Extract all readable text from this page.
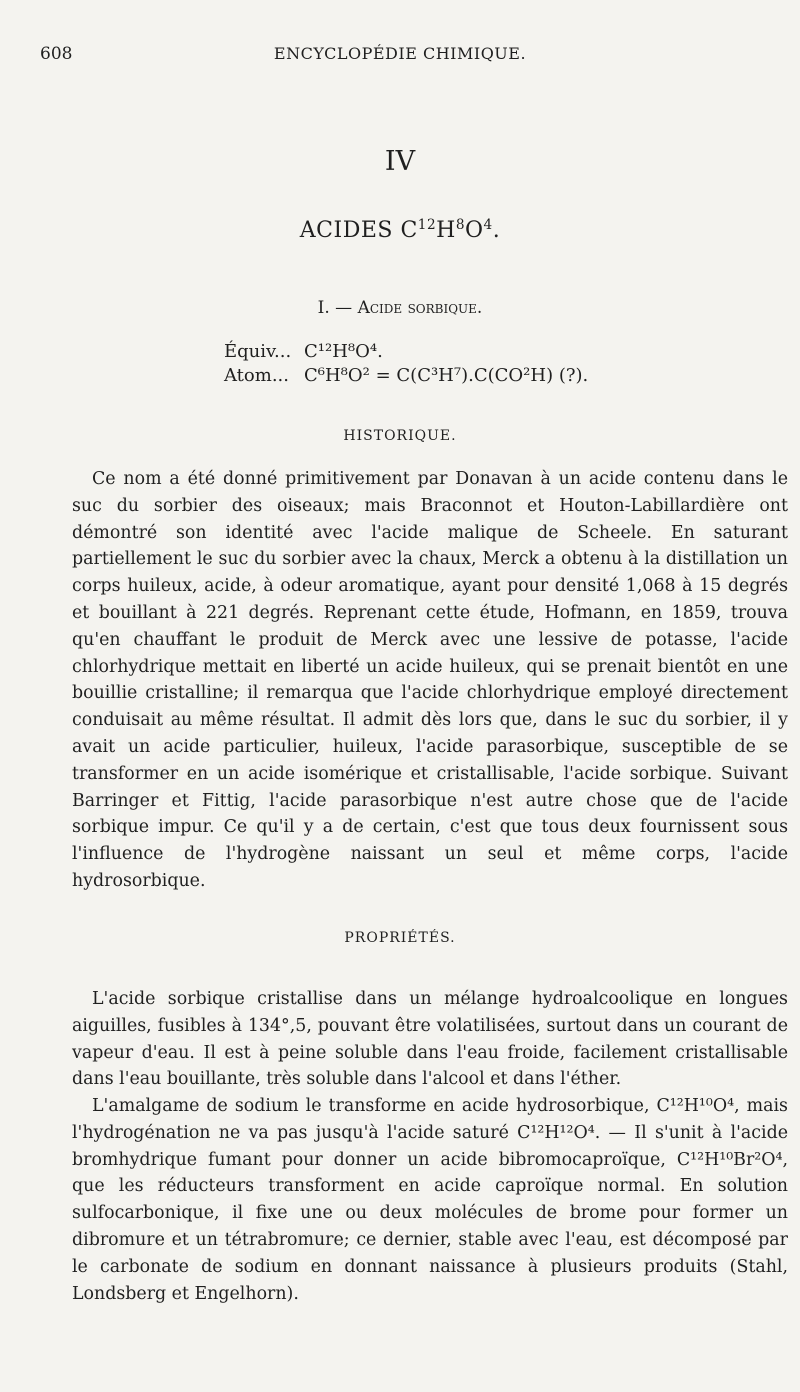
608	ENCYCLOPÉDIE CHIMIQUE.
IV
ACIDES $C^{12}H^8O^4$.
I. — Acide sorbique.
Équiv... C¹²H⁸O⁴.
Atom... C⁶H⁸O² = C(C³H⁷).C(CO²H) (?).
HISTORIQUE.

Ce nom a été donné primitivement par Donavan à un acide contenu dans le suc du sorbier des oiseaux; mais Braconnot et Houton-Labillardière ont démontré son identité avec l'acide malique de Scheele. En saturant partiellement le suc du sorbier avec la chaux, Merck a obtenu à la distillation un corps huileux, acide, à odeur aromatique, ayant pour densité 1,068 à 15 degrés et bouillant à 221 degrés. Reprenant cette étude, Hofmann, en 1859, trouva qu'en chauffant le produit de Merck avec une lessive de potasse, l'acide chlorhydrique mettait en liberté un acide huileux, qui se prenait bientôt en une bouillie cristalline; il remarqua que l'acide chlorhydrique employé directement conduisait au même résultat. Il admit dès lors que, dans le suc du sorbier, il y avait un acide particulier, huileux, l'acide parasorbique, susceptible de se transformer en un acide isomérique et cristallisable, l'acide sorbique. Suivant Barringer et Fittig, l'acide parasorbique n'est autre chose que de l'acide sorbique impur. Ce qu'il y a de certain, c'est que tous deux fournissent sous l'influence de l'hydrogène naissant un seul et même corps, l'acide hydrosorbique.

PROPRIÉTÉS.

L'acide sorbique cristallise dans un mélange hydroalcoolique en longues aiguilles, fusibles à 134°,5, pouvant être volatilisées, surtout dans un courant de vapeur d'eau. Il est à peine soluble dans l'eau froide, facilement cristallisable dans l'eau bouillante, très soluble dans l'alcool et dans l'éther.

L'amalgame de sodium le transforme en acide hydrosorbique, C¹²H¹⁰O⁴, mais l'hydrogénation ne va pas jusqu'à l'acide saturé C¹²H¹²O⁴. — Il s'unit à l'acide bromhydrique fumant pour donner un acide bibromocaproïque, C¹²H¹⁰Br²O⁴, que les réducteurs transforment en acide caproïque normal. En solution sulfocarbonique, il fixe une ou deux molécules de brome pour former un dibromure et un tétrabromure; ce dernier, stable avec l'eau, est décomposé par le carbonate de sodium en donnant naissance à plusieurs produits (Stahl, Londsberg et Engelhorn).
